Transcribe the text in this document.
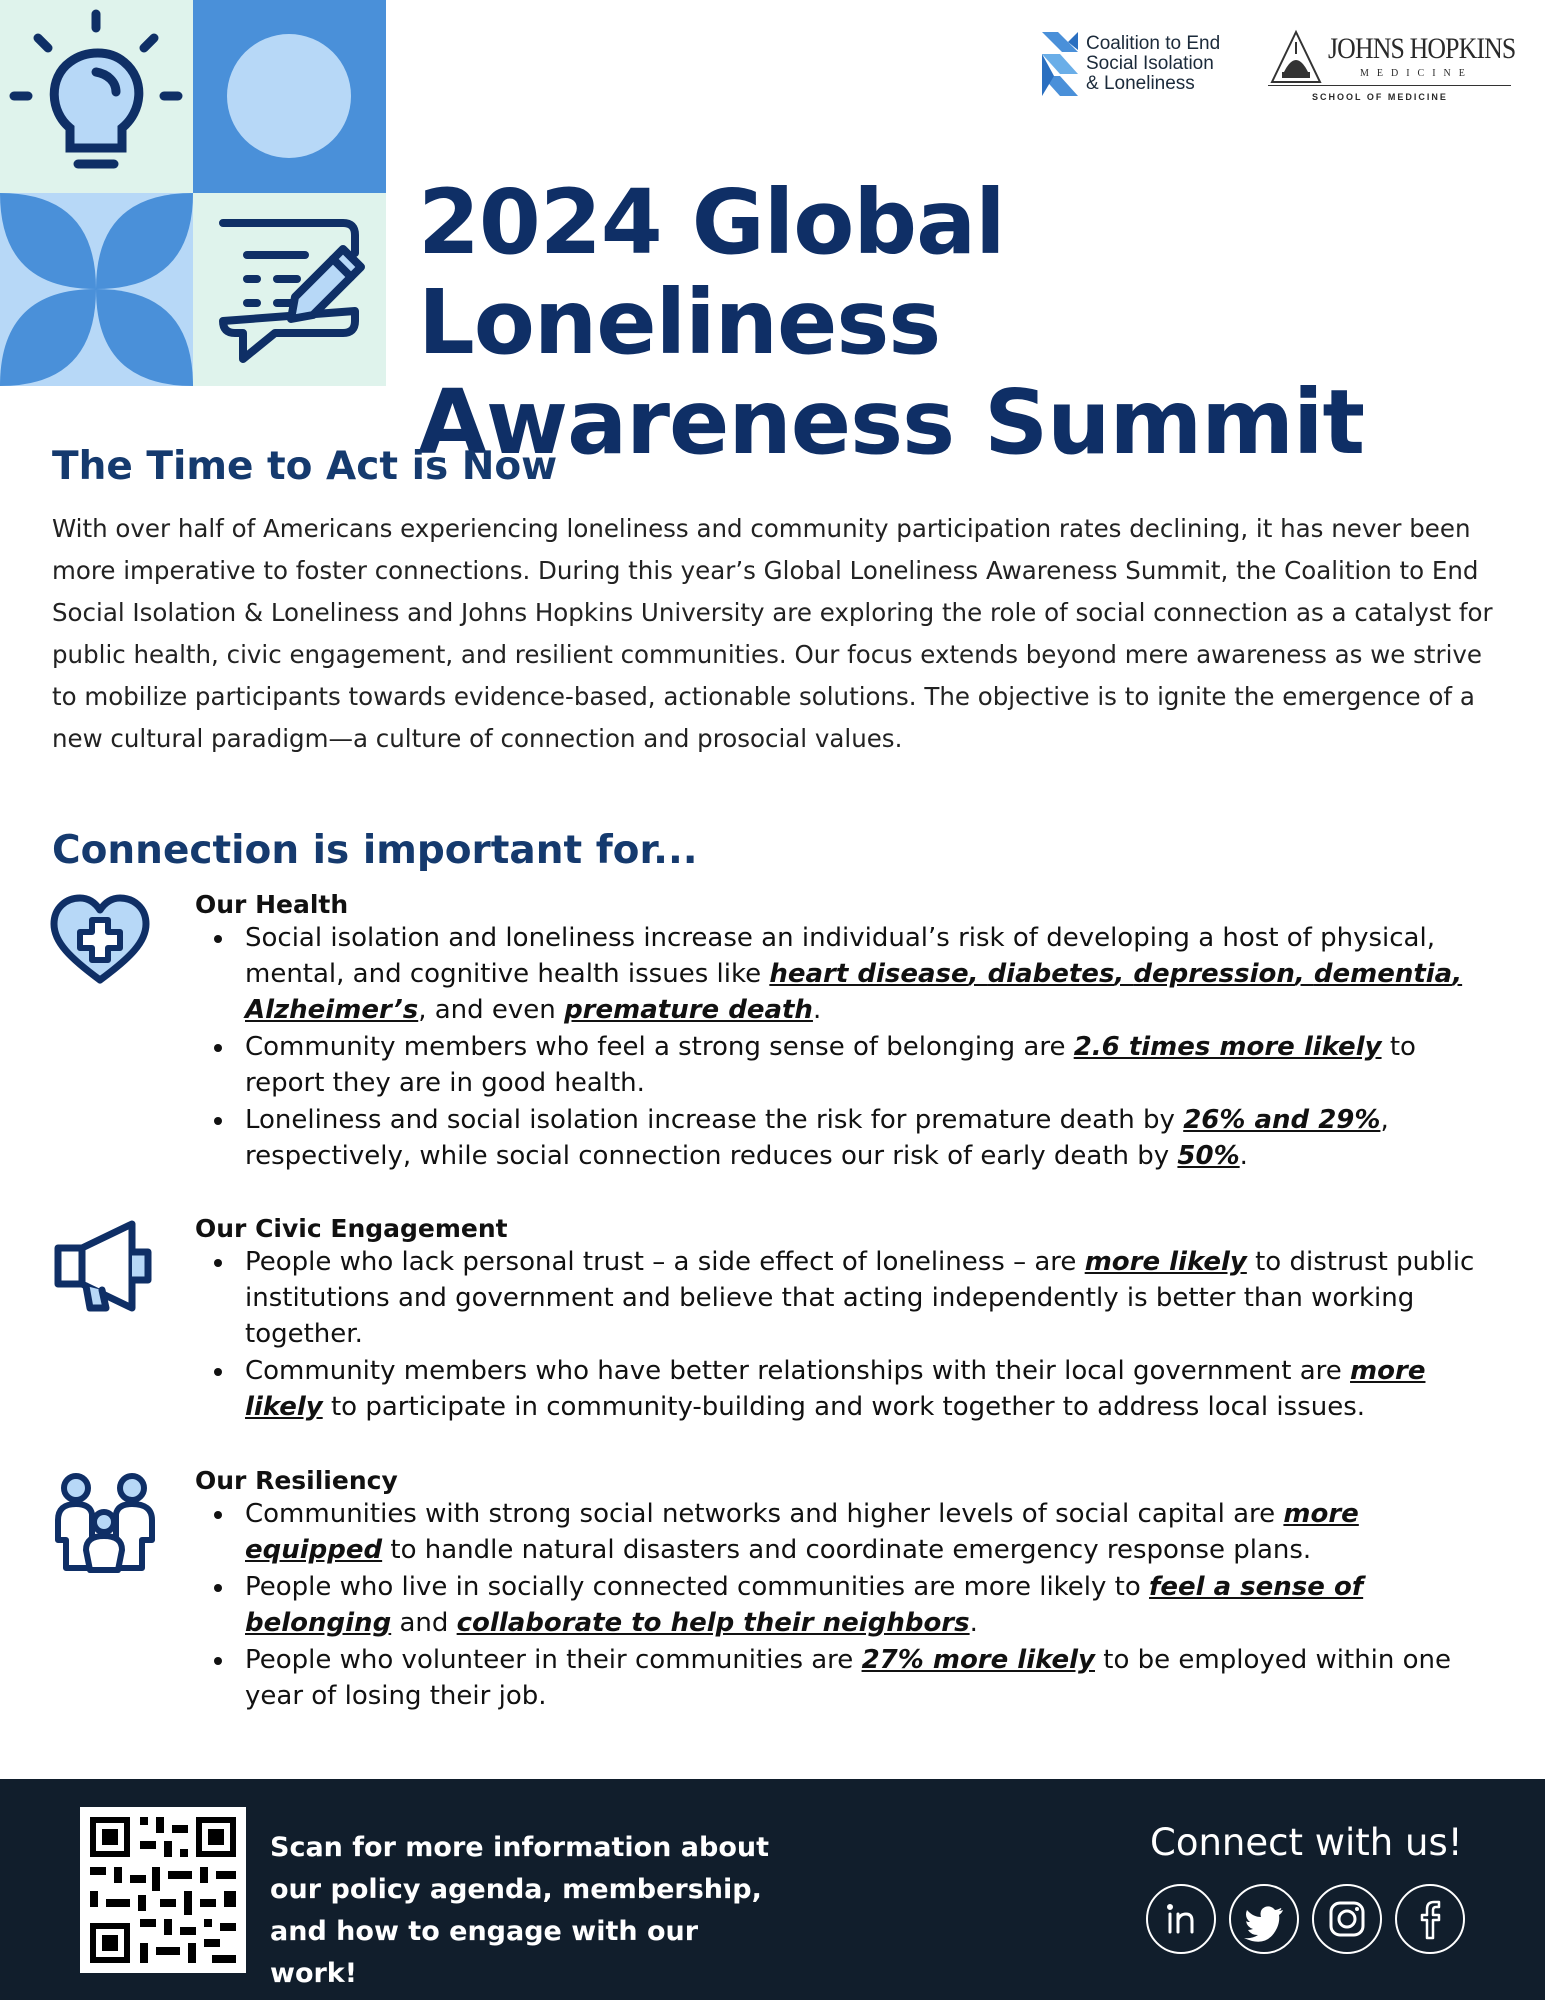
Coalition to End
Social Isolation
& Loneliness
JOHNS HOPKINS
MEDICINE
SCHOOL OF MEDICINE
2024 Global Loneliness
Awareness Summit
The Time to Act is Now
With over half of Americans experiencing loneliness and community participation rates declining, it has never been more imperative to foster connections. During this year’s Global Loneliness Awareness Summit, the Coalition to End Social Isolation & Loneliness and Johns Hopkins University are exploring the role of social connection as a catalyst for public health, civic engagement, and resilient communities. Our focus extends beyond mere awareness as we strive to mobilize participants towards evidence-based, actionable solutions. The objective is to ignite the emergence of a new cultural paradigm—a culture of connection and prosocial values.
Connection is important for...
Our Health
Social isolation and loneliness increase an individual’s risk of developing a host of physical, mental, and cognitive health issues like heart disease, diabetes, depression, dementia, Alzheimer’s, and even premature death.
Community members who feel a strong sense of belonging are 2.6 times more likely to report they are in good health.
Loneliness and social isolation increase the risk for premature death by 26% and 29%, respectively, while social connection reduces our risk of early death by 50%.
Our Civic Engagement
People who lack personal trust – a side effect of loneliness – are more likely to distrust public institutions and government and believe that acting independently is better than working together.
Community members who have better relationships with their local government are more likely to participate in community-building and work together to address local issues.
Our Resiliency
Communities with strong social networks and higher levels of social capital are more equipped to handle natural disasters and coordinate emergency response plans.
People who live in socially connected communities are more likely to feel a sense of belonging and collaborate to help their neighbors.
People who volunteer in their communities are 27% more likely to be employed within one year of losing their job.
Scan for more information about our policy agenda, membership, and how to engage with our work!
Connect with us!
